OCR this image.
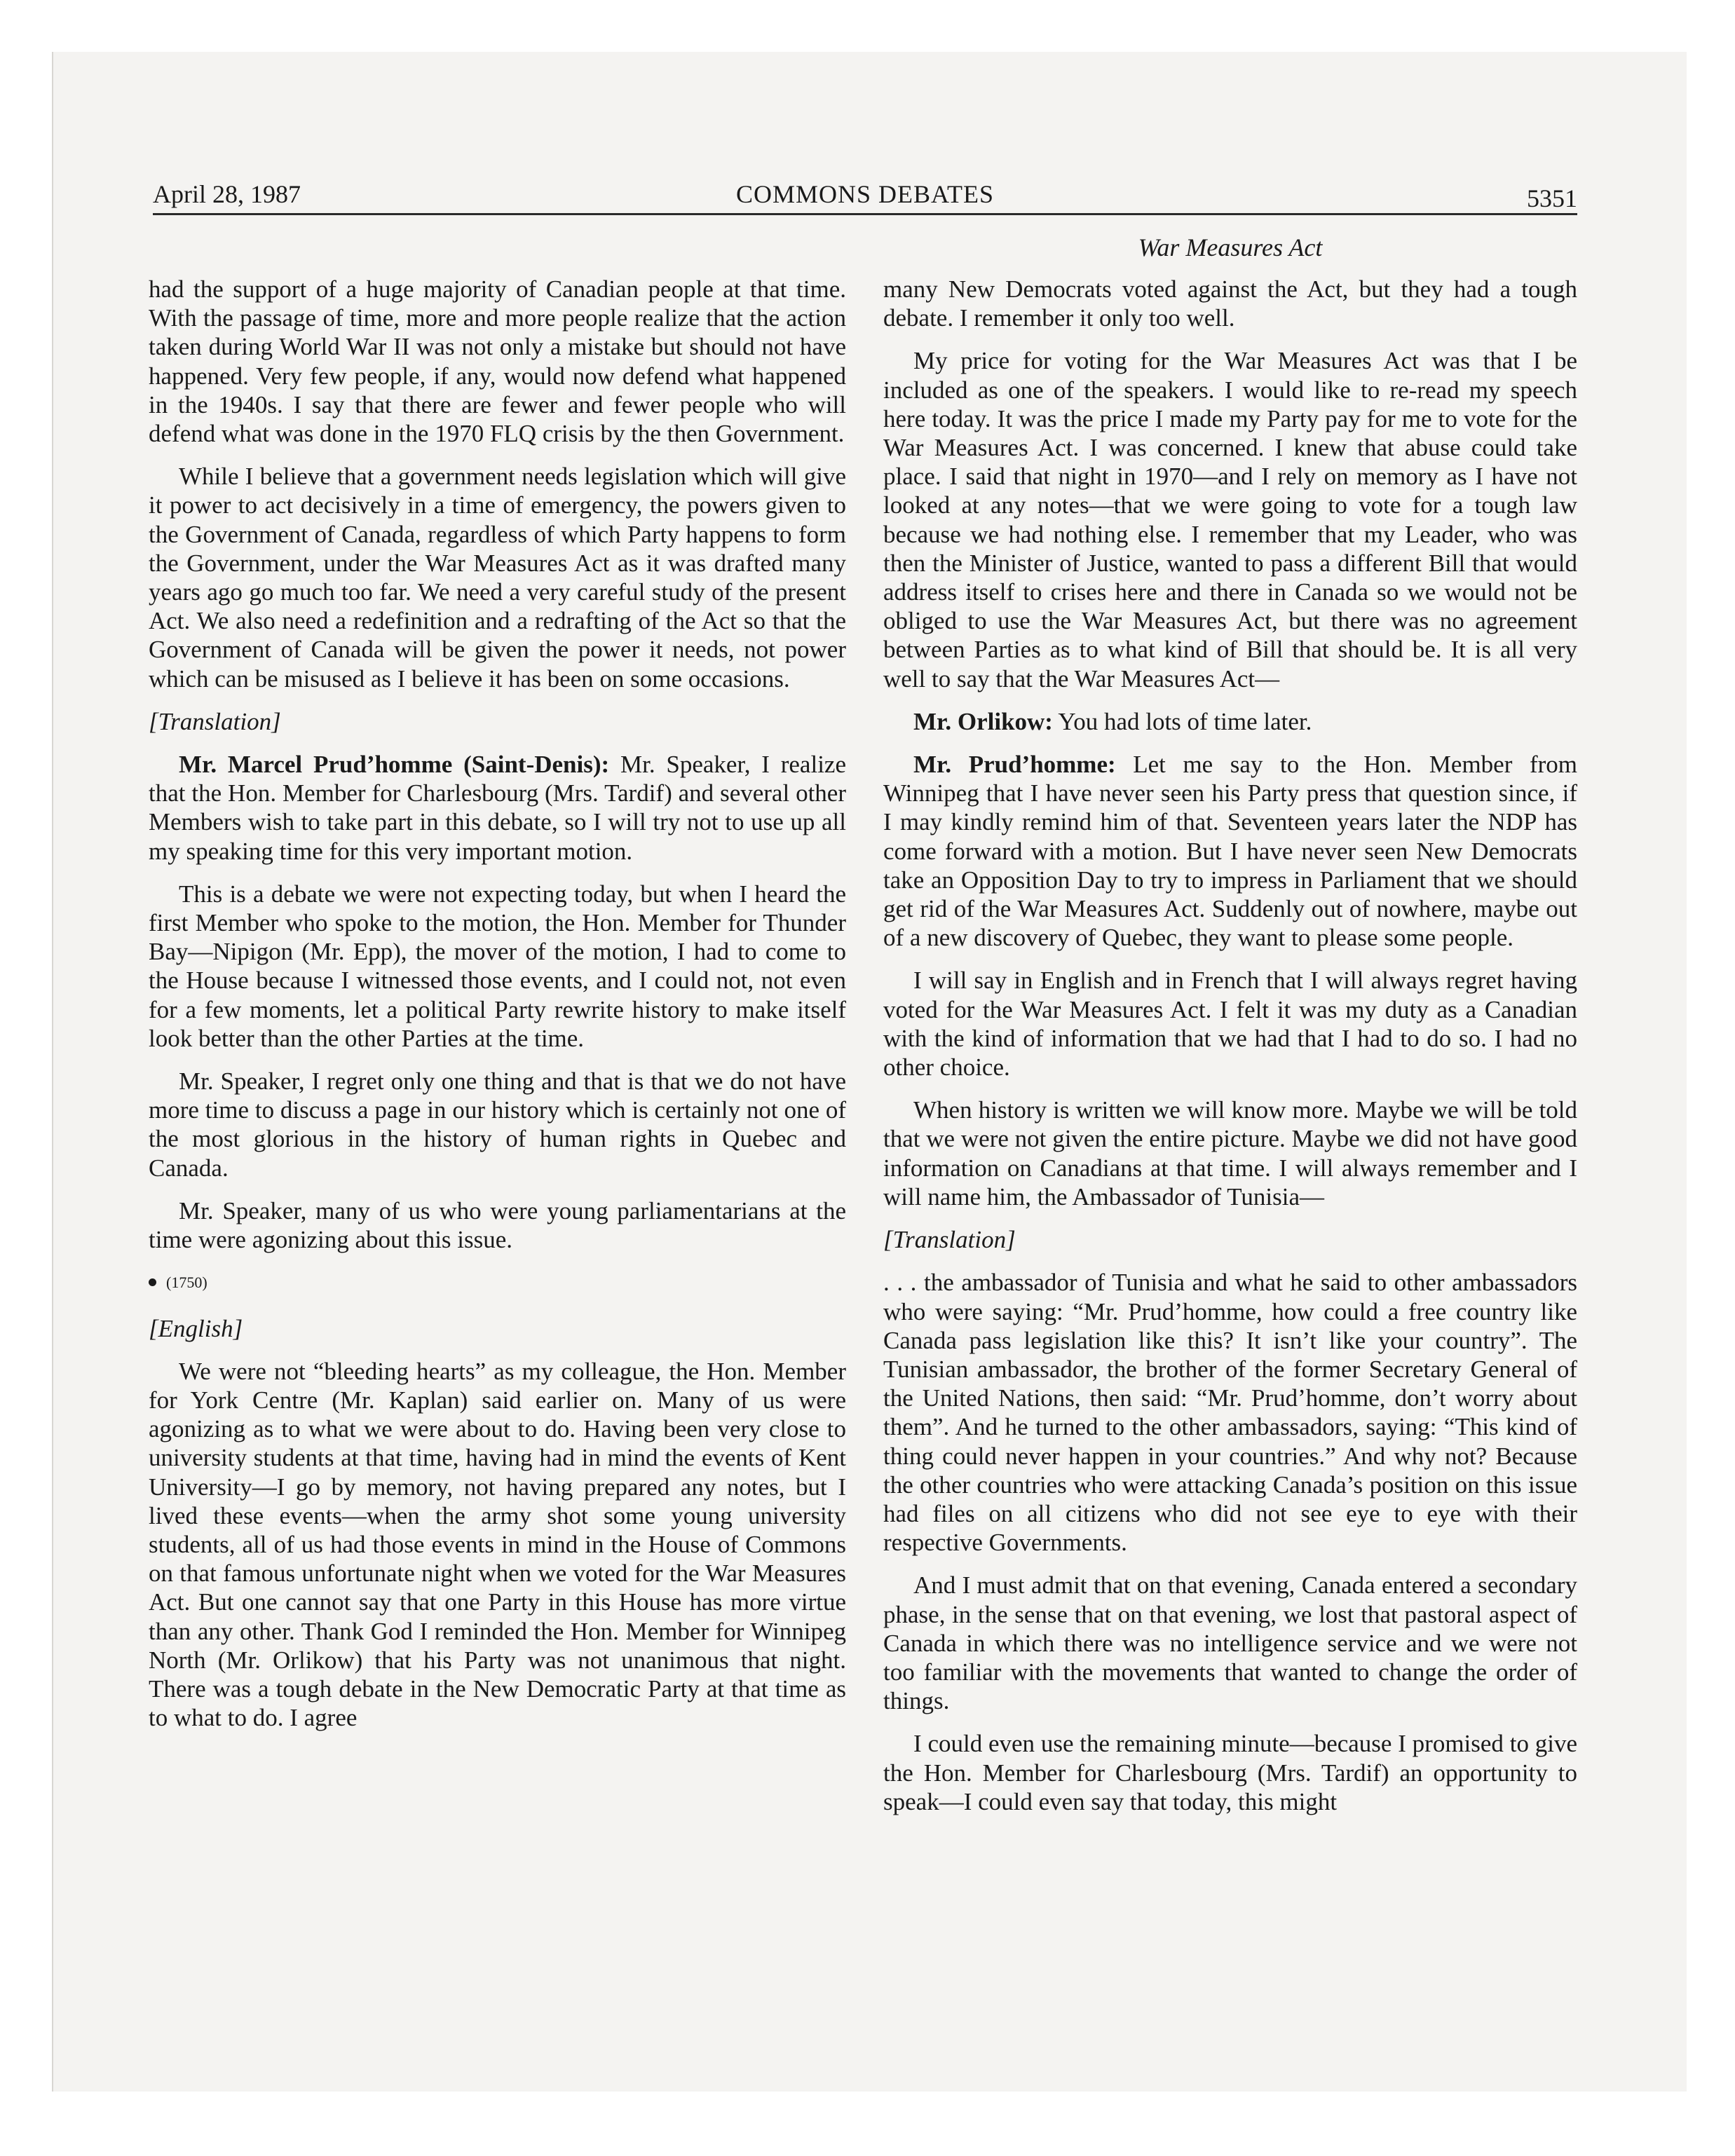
April 28, 1987	COMMONS DEBATES	5351
War Measures Act

had the support of a huge majority of Canadian people at that time. With the passage of time, more and more people realize that the action taken during World War II was not only a mistake but should not have happened. Very few people, if any, would now defend what happened in the 1940s. I say that there are fewer and fewer people who will defend what was done in the 1970 FLQ crisis by the then Government.

While I believe that a government needs legislation which will give it power to act decisively in a time of emergency, the powers given to the Government of Canada, regardless of which Party happens to form the Government, under the War Measures Act as it was drafted many years ago go much too far. We need a very careful study of the present Act. We also need a redefinition and a redrafting of the Act so that the Government of Canada will be given the power it needs, not power which can be misused as I believe it has been on some occasions.

[Translation]

Mr. Marcel Prud’homme (Saint-Denis): Mr. Speaker, I realize that the Hon. Member for Charlesbourg (Mrs. Tardif) and several other Members wish to take part in this debate, so I will try not to use up all my speaking time for this very important motion.

This is a debate we were not expecting today, but when I heard the first Member who spoke to the motion, the Hon. Member for Thunder Bay—Nipigon (Mr. Epp), the mover of the motion, I had to come to the House because I witnessed those events, and I could not, not even for a few moments, let a political Party rewrite history to make itself look better than the other Parties at the time.

Mr. Speaker, I regret only one thing and that is that we do not have more time to discuss a page in our history which is certainly not one of the most glorious in the history of human rights in Quebec and Canada.

Mr. Speaker, many of us who were young parliamentarians at the time were agonizing about this issue.

(1750)

[English]

We were not “bleeding hearts” as my colleague, the Hon. Member for York Centre (Mr. Kaplan) said earlier on. Many of us were agonizing as to what we were about to do. Having been very close to university students at that time, having had in mind the events of Kent University—I go by memory, not having prepared any notes, but I lived these events—when the army shot some young university students, all of us had those events in mind in the House of Commons on that famous unfortunate night when we voted for the War Measures Act. But one cannot say that one Party in this House has more virtue than any other. Thank God I reminded the Hon. Member for Winnipeg North (Mr. Orlikow) that his Party was not unanimous that night. There was a tough debate in the New Democratic Party at that time as to what to do. I agree

many New Democrats voted against the Act, but they had a tough debate. I remember it only too well.

My price for voting for the War Measures Act was that I be included as one of the speakers. I would like to re-read my speech here today. It was the price I made my Party pay for me to vote for the War Measures Act. I was concerned. I knew that abuse could take place. I said that night in 1970—and I rely on memory as I have not looked at any notes—that we were going to vote for a tough law because we had nothing else. I remember that my Leader, who was then the Minister of Justice, wanted to pass a different Bill that would address itself to crises here and there in Canada so we would not be obliged to use the War Measures Act, but there was no agreement between Parties as to what kind of Bill that should be. It is all very well to say that the War Measures Act—

Mr. Orlikow: You had lots of time later.

Mr. Prud’homme: Let me say to the Hon. Member from Winnipeg that I have never seen his Party press that question since, if I may kindly remind him of that. Seventeen years later the NDP has come forward with a motion. But I have never seen New Democrats take an Opposition Day to try to impress in Parliament that we should get rid of the War Measures Act. Suddenly out of nowhere, maybe out of a new discovery of Quebec, they want to please some people.

I will say in English and in French that I will always regret having voted for the War Measures Act. I felt it was my duty as a Canadian with the kind of information that we had that I had to do so. I had no other choice.

When history is written we will know more. Maybe we will be told that we were not given the entire picture. Maybe we did not have good information on Canadians at that time. I will always remember and I will name him, the Ambassador of Tunisia—

[Translation]

. . . the ambassador of Tunisia and what he said to other ambassadors who were saying: “Mr. Prud’homme, how could a free country like Canada pass legislation like this? It isn’t like your country”. The Tunisian ambassador, the brother of the former Secretary General of the United Nations, then said: “Mr. Prud’homme, don’t worry about them”. And he turned to the other ambassadors, saying: “This kind of thing could never happen in your countries.” And why not? Because the other countries who were attacking Canada’s position on this issue had files on all citizens who did not see eye to eye with their respective Governments.

And I must admit that on that evening, Canada entered a secondary phase, in the sense that on that evening, we lost that pastoral aspect of Canada in which there was no intelligence service and we were not too familiar with the movements that wanted to change the order of things.

I could even use the remaining minute—because I promised to give the Hon. Member for Charlesbourg (Mrs. Tardif) an opportunity to speak—I could even say that today, this might
